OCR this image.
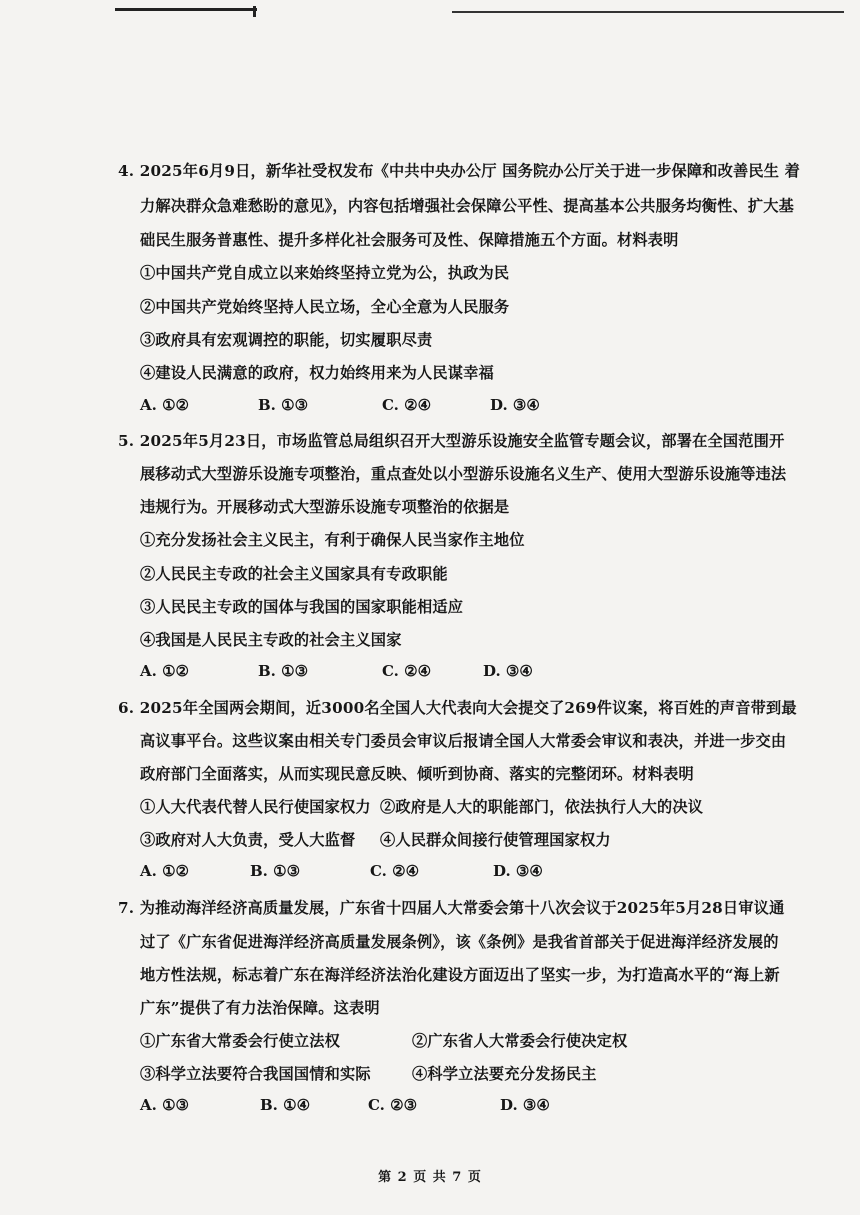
4. 2025年6月9日，新华社受权发布《中共中央办公厅 国务院办公厅关于进一步保障和改善民生 着
力解决群众急难愁盼的意见》，内容包括增强社会保障公平性、提高基本公共服务均衡性、扩大基
础民生服务普惠性、提升多样化社会服务可及性、保障措施五个方面。材料表明
①中国共产党自成立以来始终坚持立党为公，执政为民
②中国共产党始终坚持人民立场，全心全意为人民服务
③政府具有宏观调控的职能，切实履职尽责
④建设人民满意的政府，权力始终用来为人民谋幸福
A. ①②	B. ①③	C. ②④	D. ③④
5. 2025年5月23日，市场监管总局组织召开大型游乐设施安全监管专题会议，部署在全国范围开
展移动式大型游乐设施专项整治，重点查处以小型游乐设施名义生产、使用大型游乐设施等违法
违规行为。开展移动式大型游乐设施专项整治的依据是
①充分发扬社会主义民主，有利于确保人民当家作主地位
②人民民主专政的社会主义国家具有专政职能
③人民民主专政的国体与我国的国家职能相适应
④我国是人民民主专政的社会主义国家
A. ①②	B. ①③	C. ②④	D. ③④
6. 2025年全国两会期间，近3000名全国人大代表向大会提交了269件议案，将百姓的声音带到最
高议事平台。这些议案由相关专门委员会审议后报请全国人大常委会审议和表决，并进一步交由
政府部门全面落实，从而实现民意反映、倾听到协商、落实的完整闭环。材料表明
①人大代表代替人民行使国家权力 ②政府是人大的职能部门，依法执行人大的决议
③政府对人大负责，受人大监督 ④人民群众间接行使管理国家权力
A. ①②	B. ①③	C. ②④	D. ③④
7. 为推动海洋经济高质量发展，广东省十四届人大常委会第十八次会议于2025年5月28日审议通
过了《广东省促进海洋经济高质量发展条例》，该《条例》是我省首部关于促进海洋经济发展的
地方性法规，标志着广东在海洋经济法治化建设方面迈出了坚实一步，为打造高水平的“海上新
广东”提供了有力法治保障。这表明
①广东省大常委会行使立法权	②广东省人大常委会行使决定权
③科学立法要符合我国国情和实际	④科学立法要充分发扬民主
A. ①③	B. ①④	C. ②③	D. ③④
第 2 页 共 7 页
